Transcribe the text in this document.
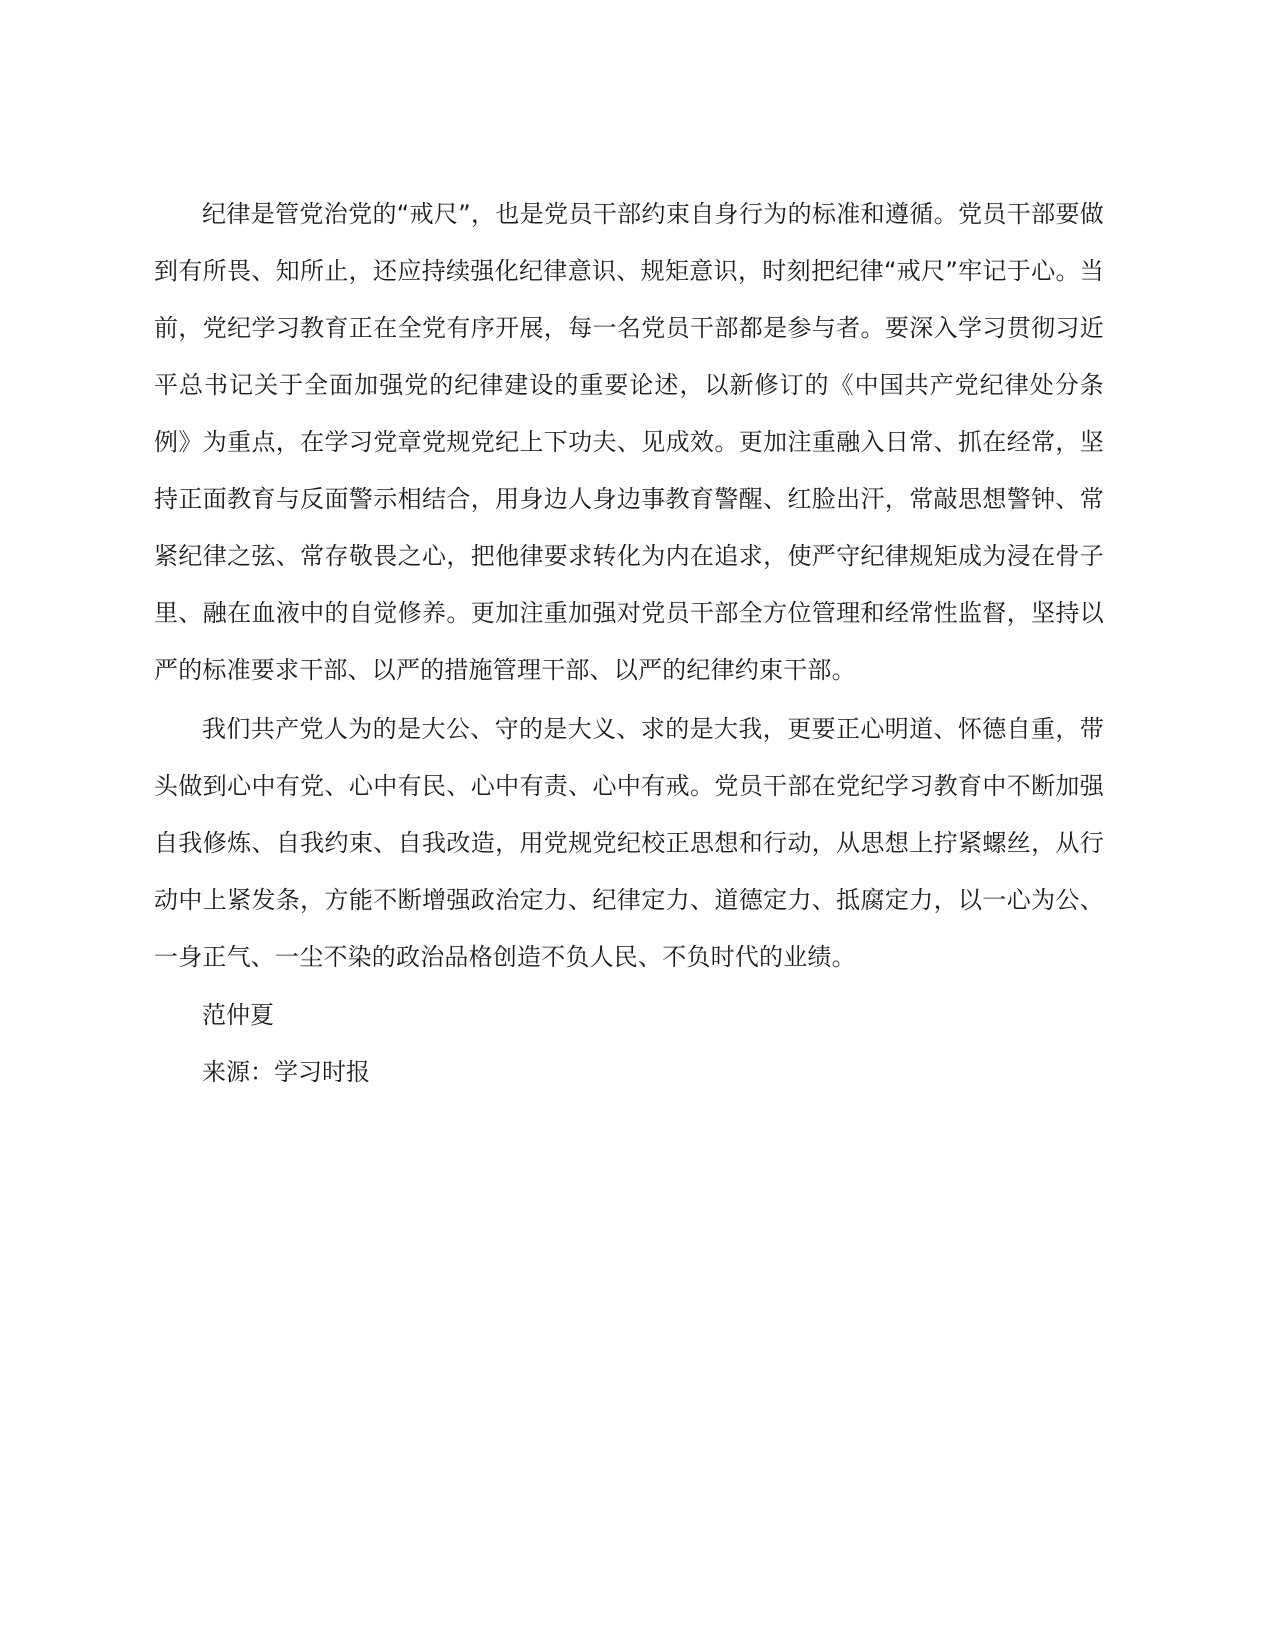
纪律是管党治党的“戒尺”，也是党员干部约束自身行为的标准和遵循。党员干部要做到有所畏、知所止，还应持续强化纪律意识、规矩意识，时刻把纪律“戒尺”牢记于心。当前，党纪学习教育正在全党有序开展，每一名党员干部都是参与者。要深入学习贯彻习近平总书记关于全面加强党的纪律建设的重要论述，以新修订的《中国共产党纪律处分条例》为重点，在学习党章党规党纪上下功夫、见成效。更加注重融入日常、抓在经常，坚持正面教育与反面警示相结合，用身边人身边事教育警醒、红脸出汗，常敲思想警钟、常紧纪律之弦、常存敬畏之心，把他律要求转化为内在追求，使严守纪律规矩成为浸在骨子里、融在血液中的自觉修养。更加注重加强对党员干部全方位管理和经常性监督，坚持以严的标准要求干部、以严的措施管理干部、以严的纪律约束干部。

我们共产党人为的是大公、守的是大义、求的是大我，更要正心明道、怀德自重，带头做到心中有党、心中有民、心中有责、心中有戒。党员干部在党纪学习教育中不断加强自我修炼、自我约束、自我改造，用党规党纪校正思想和行动，从思想上拧紧螺丝，从行动中上紧发条，方能不断增强政治定力、纪律定力、道德定力、抵腐定力，以一心为公、一身正气、一尘不染的政治品格创造不负人民、不负时代的业绩。

范仲夏

来源：学习时报
